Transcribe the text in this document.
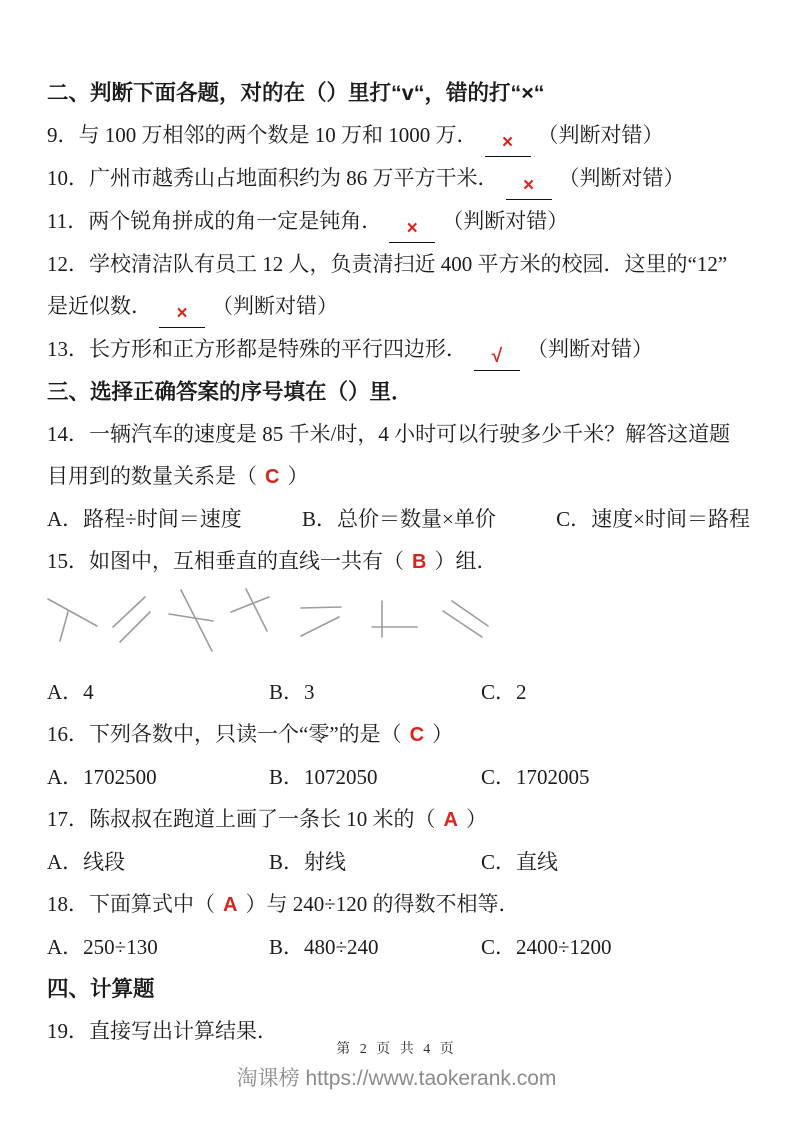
二、判断下面各题，对的在（）里打“v“，错的打“×“
9．与 100 万相邻的两个数是 10 万和 1000 万． × （判断对错）
10．广州市越秀山占地面积约为 86 万平方干米． × （判断对错）
11．两个锐角拼成的角一定是钝角． × （判断对错）
12．学校清洁队有员工 12 人，负责清扫近 400 平方米的校园．这里的“12”
是近似数． × （判断对错）
13．长方形和正方形都是特殊的平行四边形． √ （判断对错）
三、选择正确答案的序号填在（）里．
14．一辆汽车的速度是 85 千米/时，4 小时可以行驶多少千米？解答这道题
目用到的数量关系是（ C ）
A．路程÷时间＝速度	B．总价＝数量×单价	C．速度×时间＝路程
15．如图中，互相垂直的直线一共有（ B ）组．
A．4	B．3	C．2
16．下列各数中，只读一个“零”的是（ C ）
A．1702500	B．1072050	C．1702005
17．陈叔叔在跑道上画了一条长 10 米的（ A ）
A．线段	B．射线	C．直线
18．下面算式中（ A ）与 240÷120 的得数不相等．
A．250÷130	B．480÷240	C．2400÷1200
四、计算题
19．直接写出计算结果．
第 2 页 共 4 页
淘课榜 https://www.taokerank.com
